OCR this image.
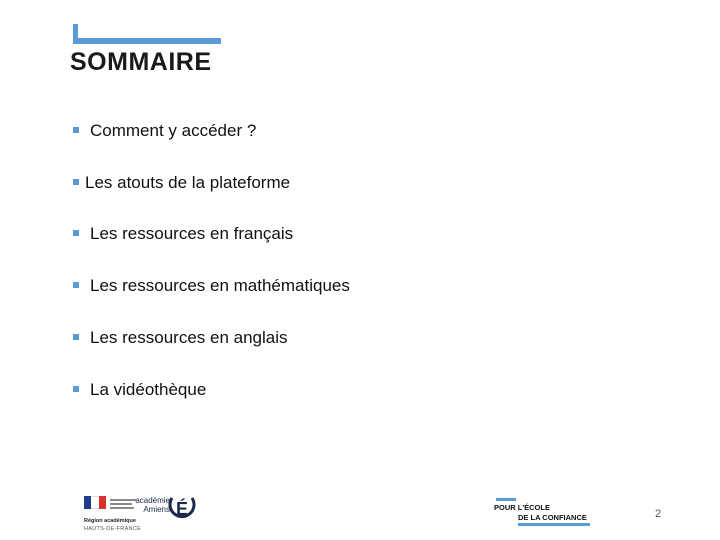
SOMMAIRE
Comment y accéder ?
Les atouts de la plateforme
Les ressources en français
Les ressources en mathématiques
Les ressources en anglais
La vidéothèque
Région académique
HAUTS-DE-FRANCE
académie
Amiens É	POUR L'ÉCOLE
DE LA CONFIANCE	2
